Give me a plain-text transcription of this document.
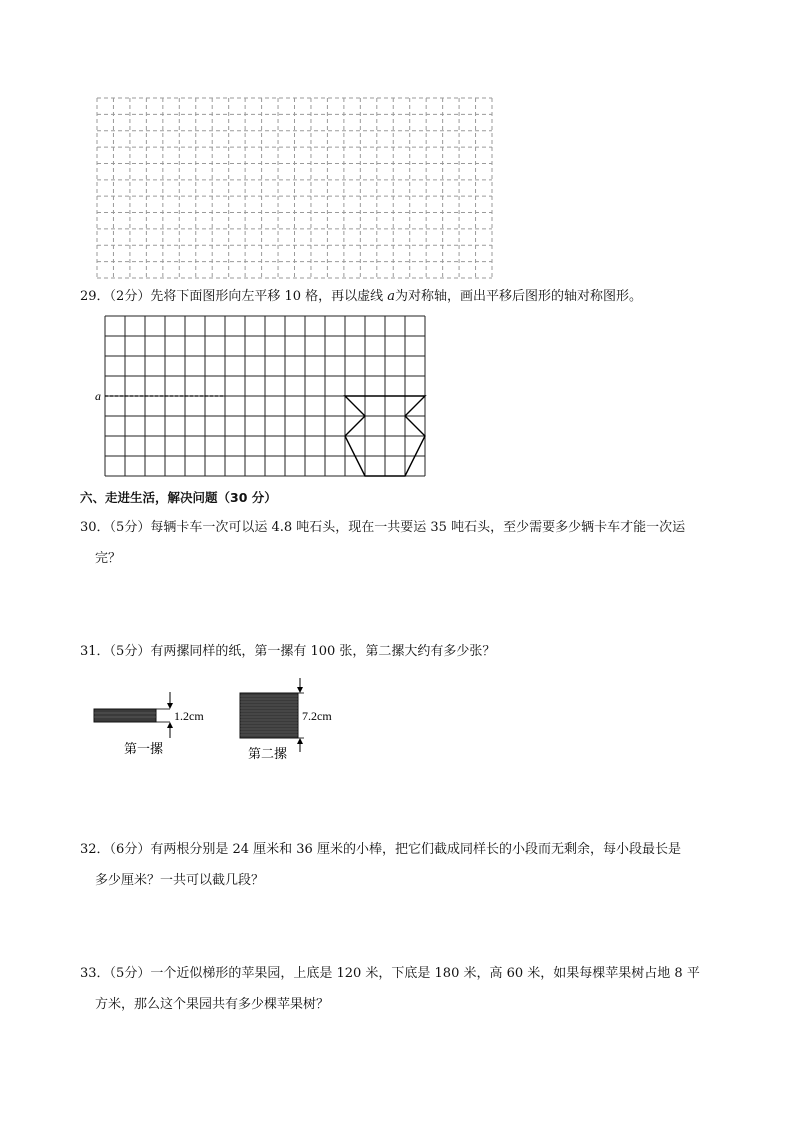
29．（2分）先将下面图形向左平移 10 格，再以虚线 a为对称轴，画出平移后图形的轴对称图形。
a
六、走进生活，解决问题（30 分）
30．（5分）每辆卡车一次可以运 4.8 吨石头，现在一共要运 35 吨石头，至少需要多少辆卡车才能一次运
完？
31．（5分）有两摞同样的纸，第一摞有 100 张，第二摞大约有多少张？
1.2cm
第一摞
7.2cm
第二摞
32．（6分）有两根分别是 24 厘米和 36 厘米的小棒，把它们截成同样长的小段而无剩余，每小段最长是
多少厘米？一共可以截几段？
33．（5分）一个近似梯形的苹果园，上底是 120 米，下底是 180 米，高 60 米，如果每棵苹果树占地 8 平
方米，那么这个果园共有多少棵苹果树？
